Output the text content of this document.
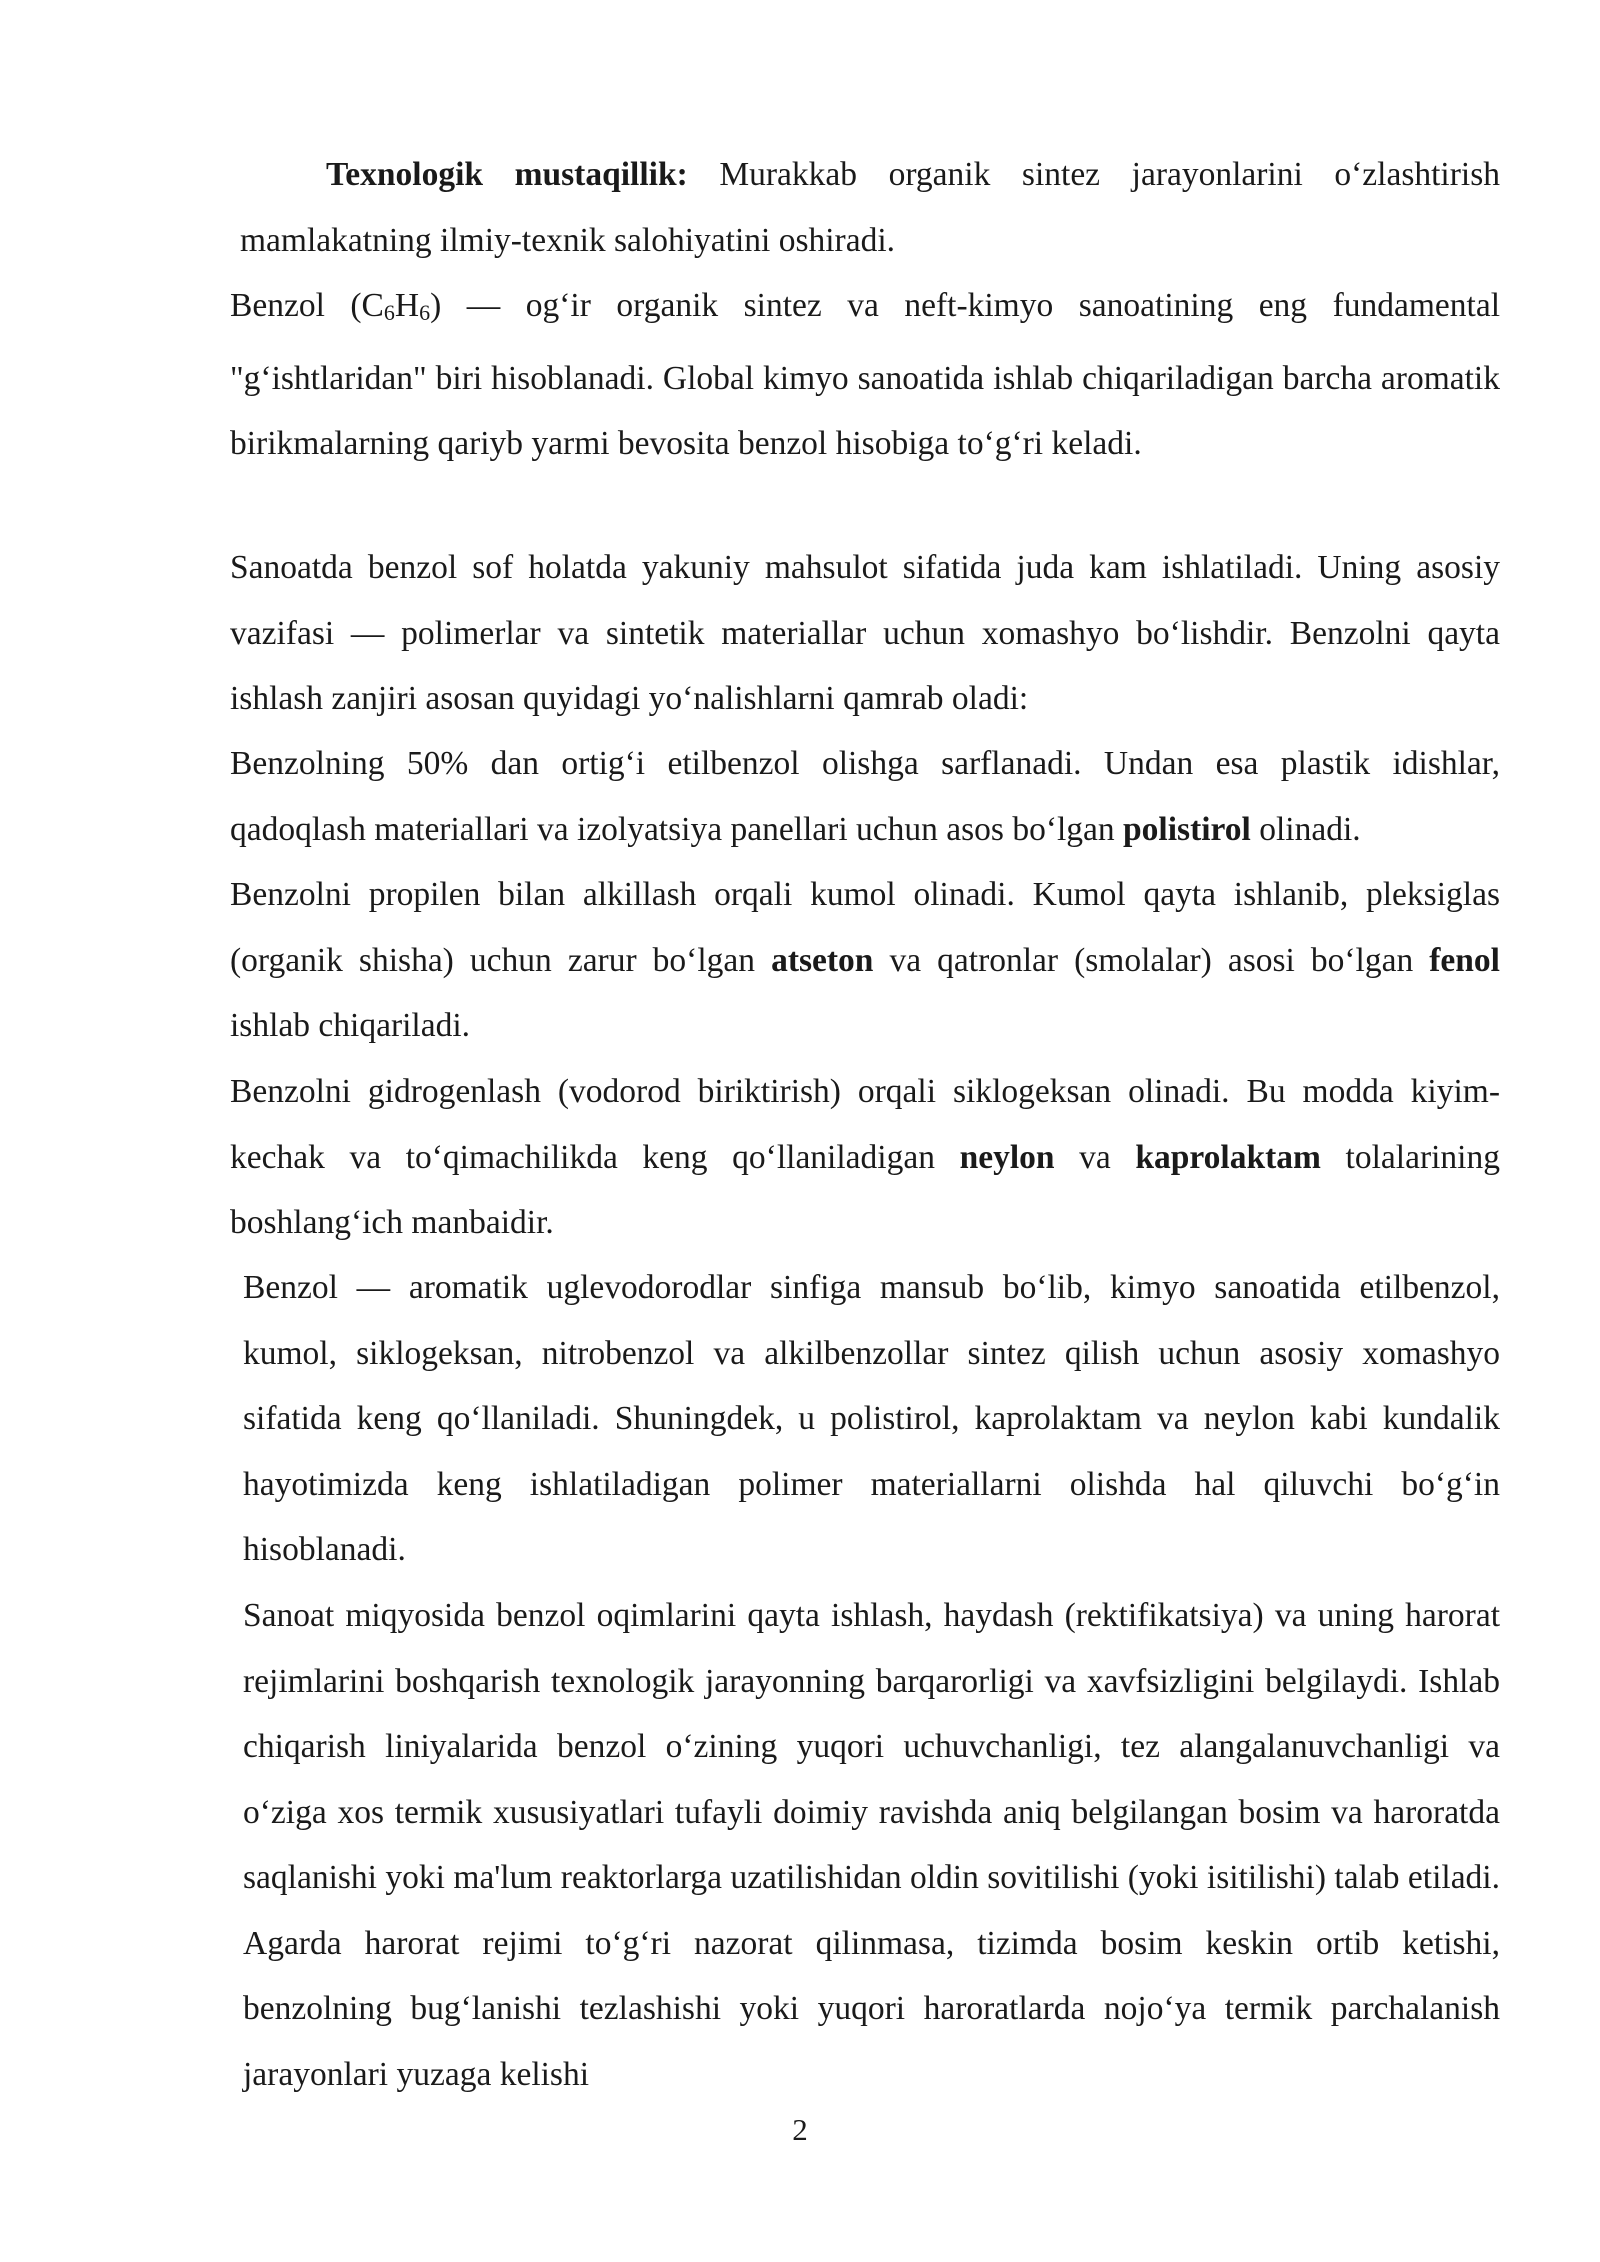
Texnologik mustaqillik: Murakkab organik sintez jarayonlarini o‘zlashtirish mamlakatning ilmiy-texnik salohiyatini oshiradi.

Benzol (C6H6) — og‘ir organik sintez va neft-kimyo sanoatining eng fundamental "g‘ishtlaridan" biri hisoblanadi. Global kimyo sanoatida ishlab chiqariladigan barcha aromatik birikmalarning qariyb yarmi bevosita benzol hisobiga to‘g‘ri keladi.

Sanoatda benzol sof holatda yakuniy mahsulot sifatida juda kam ishlatiladi. Uning asosiy vazifasi — polimerlar va sintetik materiallar uchun xomashyo bo‘lishdir. Benzolni qayta ishlash zanjiri asosan quyidagi yo‘nalishlarni qamrab oladi:

Benzolning 50% dan ortig‘i etilbenzol olishga sarflanadi. Undan esa plastik idishlar, qadoqlash materiallari va izolyatsiya panellari uchun asos bo‘lgan polistirol olinadi.

Benzolni propilen bilan alkillash orqali kumol olinadi. Kumol qayta ishlanib, pleksiglas (organik shisha) uchun zarur bo‘lgan atseton va qatronlar (smolalar) asosi bo‘lgan fenol ishlab chiqariladi.

Benzolni gidrogenlash (vodorod biriktirish) orqali siklogeksan olinadi. Bu modda kiyim-kechak va to‘qimachilikda keng qo‘llaniladigan neylon va kaprolaktam tolalarining boshlang‘ich manbaidir.

Benzol — aromatik uglevodorodlar sinfiga mansub bo‘lib, kimyo sanoatida etilbenzol, kumol, siklogeksan, nitrobenzol va alkilbenzollar sintez qilish uchun asosiy xomashyo sifatida keng qo‘llaniladi. Shuningdek, u polistirol, kaprolaktam va neylon kabi kundalik hayotimizda keng ishlatiladigan polimer materiallarni olishda hal qiluvchi bo‘g‘in hisoblanadi.

Sanoat miqyosida benzol oqimlarini qayta ishlash, haydash (rektifikatsiya) va uning harorat rejimlarini boshqarish texnologik jarayonning barqarorligi va xavfsizligini belgilaydi. Ishlab chiqarish liniyalarida benzol o‘zining yuqori uchuvchanligi, tez alangalanuvchanligi va o‘ziga xos termik xususiyatlari tufayli doimiy ravishda aniq belgilangan bosim va haroratda saqlanishi yoki ma'lum reaktorlarga uzatilishidan oldin sovitilishi (yoki isitilishi) talab etiladi. Agarda harorat rejimi to‘g‘ri nazorat qilinmasa, tizimda bosim keskin ortib ketishi, benzolning bug‘lanishi tezlashishi yoki yuqori haroratlarda nojo‘ya termik parchalanish jarayonlari yuzaga kelishi

2
